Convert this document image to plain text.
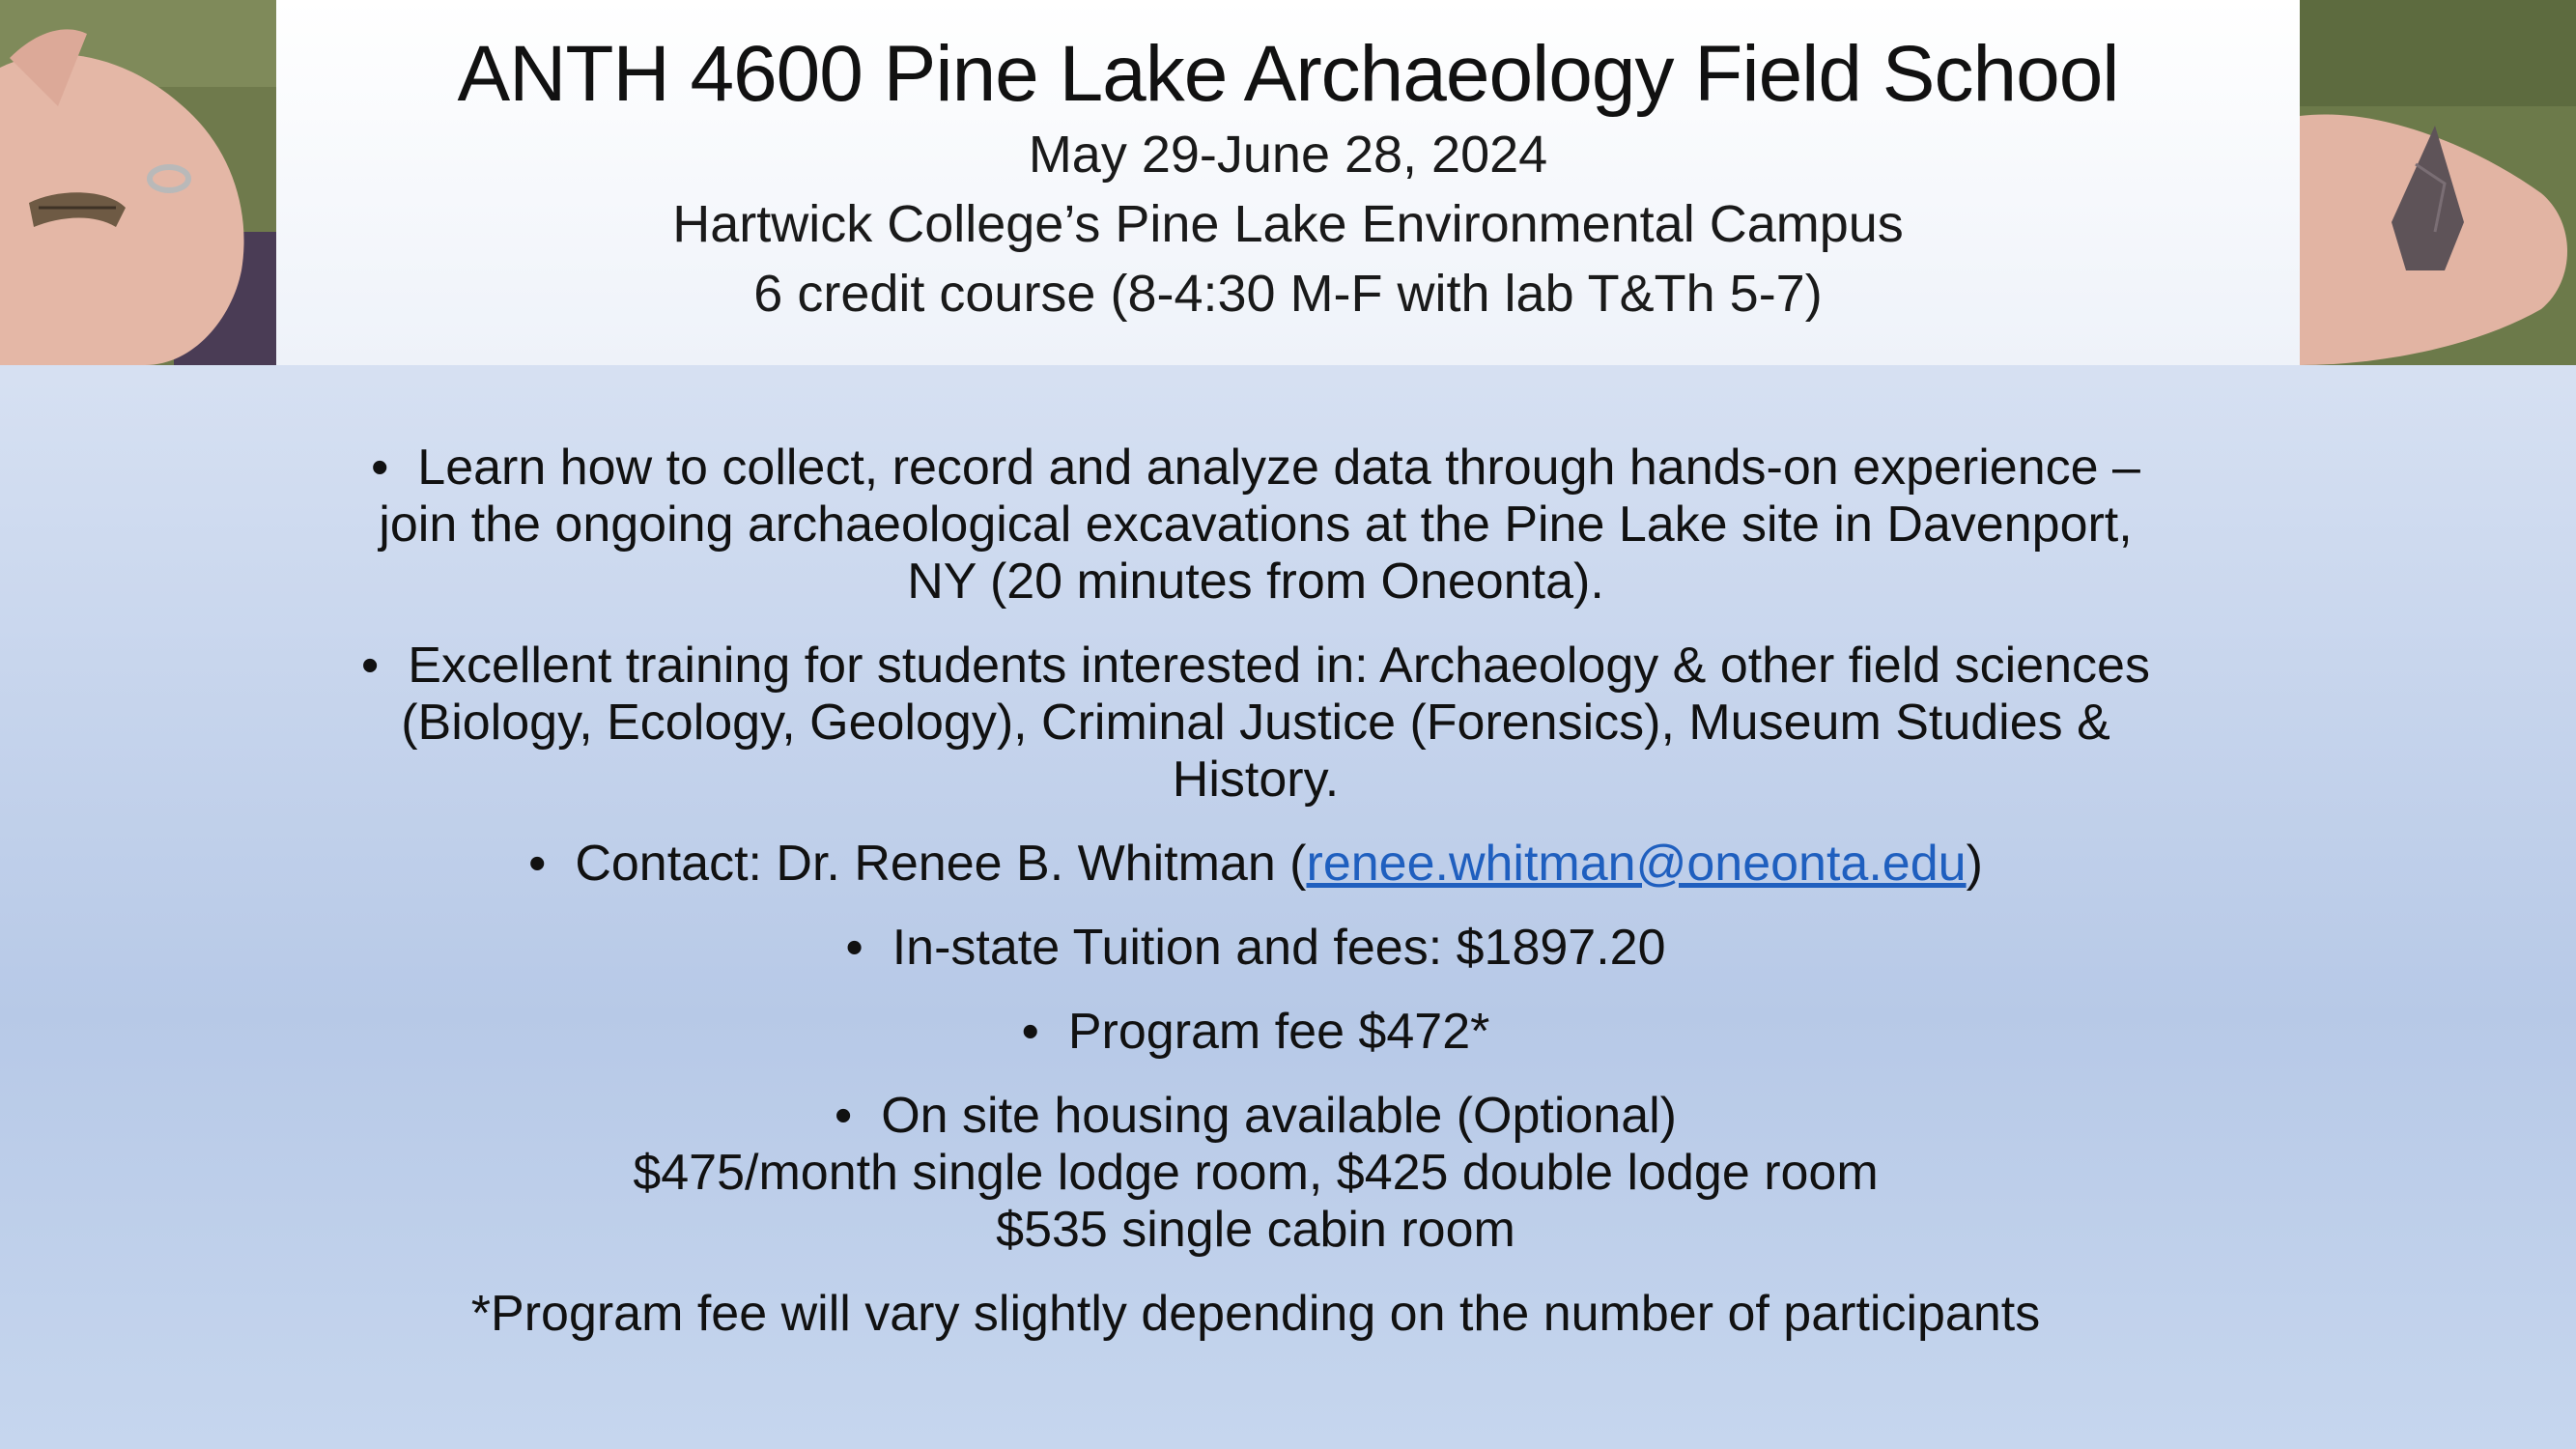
ANTH 4600 Pine Lake Archaeology Field School
May 29-June 28, 2024
Hartwick College’s Pine Lake Environmental Campus
6 credit course (8-4:30 M-F with lab T&Th 5-7)
• Learn how to collect, record and analyze data through hands-on experience –
join the ongoing archaeological excavations at the Pine Lake site in Davenport,
NY (20 minutes from Oneonta).
• Excellent training for students interested in: Archaeology & other field sciences
(Biology, Ecology, Geology), Criminal Justice (Forensics), Museum Studies &
History.
• Contact: Dr. Renee B. Whitman (renee.whitman@oneonta.edu)
• In-state Tuition and fees: $1897.20
• Program fee $472*
• On site housing available (Optional)
$475/month single lodge room, $425 double lodge room
$535 single cabin room
*Program fee will vary slightly depending on the number of participants
